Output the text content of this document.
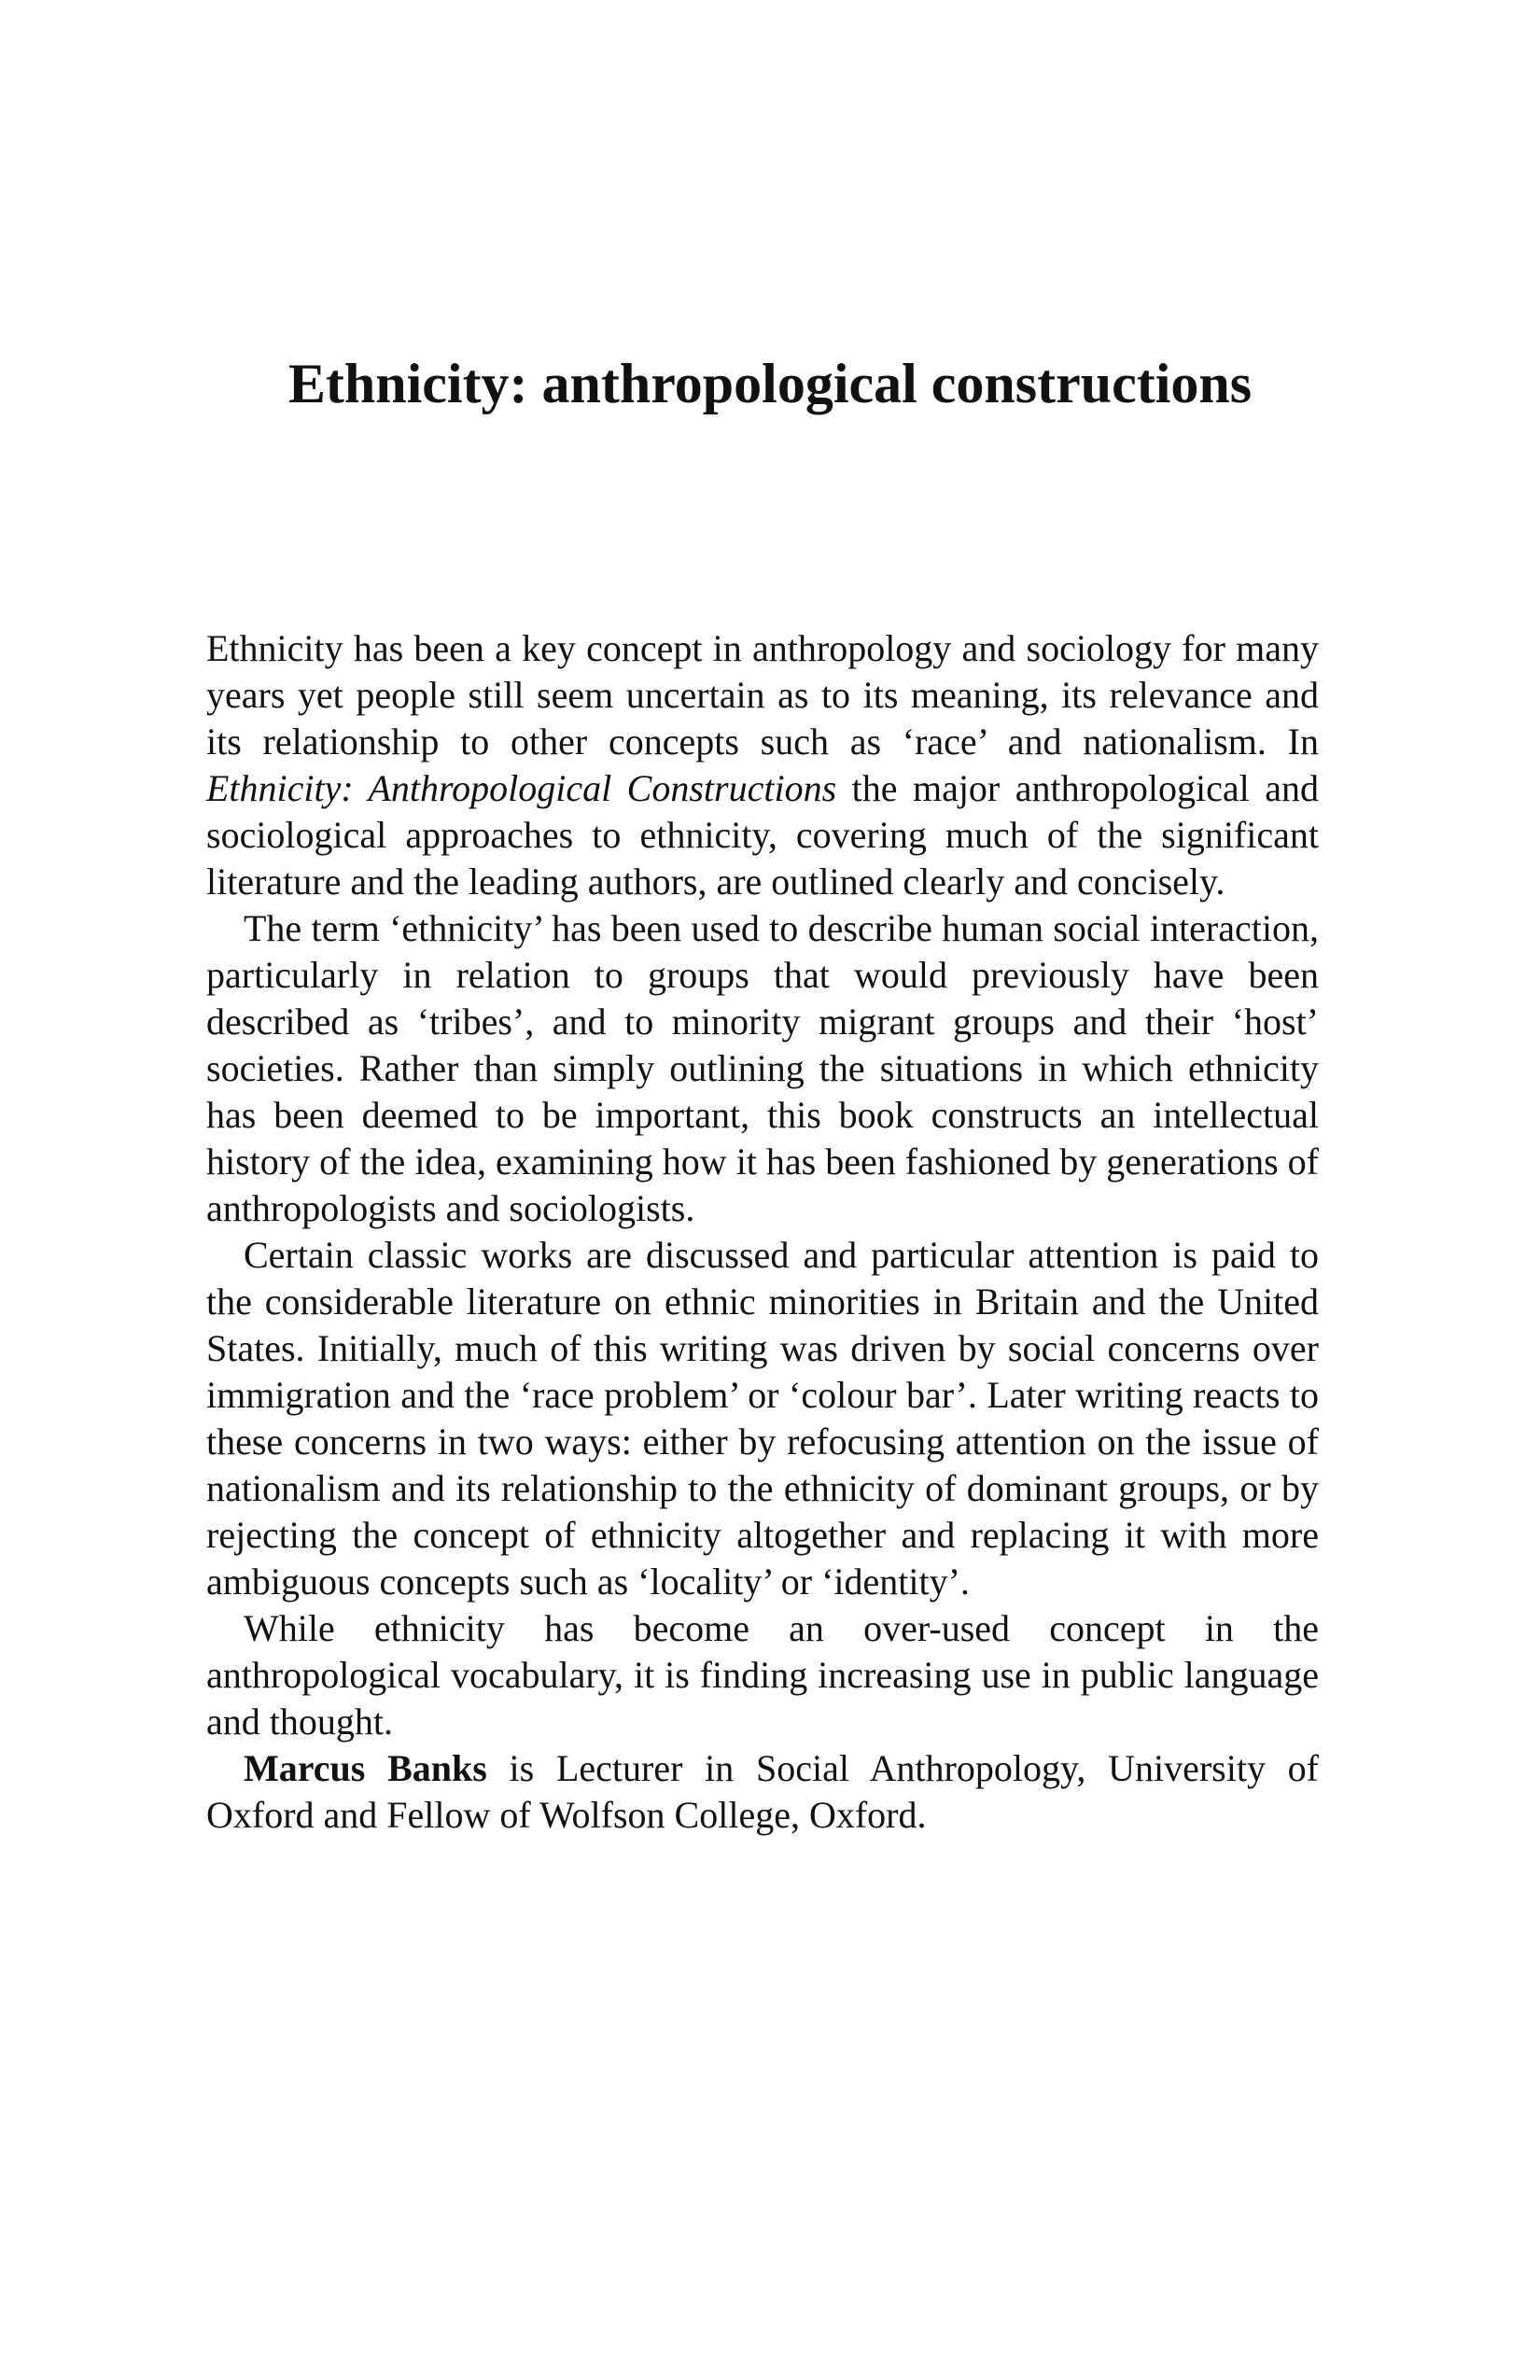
Ethnicity: anthropological constructions

Ethnicity has been a key concept in anthropology and sociology for many years yet people still seem uncertain as to its meaning, its relevance and its relationship to other concepts such as ‘race’ and nationalism. In Ethnicity: Anthropological Constructions the major anthropological and sociological approaches to ethnicity, covering much of the significant literature and the leading authors, are outlined clearly and concisely.

The term ‘ethnicity’ has been used to describe human social interaction, particularly in relation to groups that would previously have been described as ‘tribes’, and to minority migrant groups and their ‘host’ societies. Rather than simply outlining the situations in which ethnicity has been deemed to be important, this book constructs an intellectual history of the idea, examining how it has been fashioned by generations of anthropologists and sociologists.

Certain classic works are discussed and particular attention is paid to the considerable literature on ethnic minorities in Britain and the United States. Initially, much of this writing was driven by social concerns over immigration and the ‘race problem’ or ‘colour bar’. Later writing reacts to these concerns in two ways: either by refocusing attention on the issue of nationalism and its relationship to the ethnicity of dominant groups, or by rejecting the concept of ethnicity altogether and replacing it with more ambiguous concepts such as ‘locality’ or ‘identity’.

While ethnicity has become an over-used concept in the anthropological vocabulary, it is finding increasing use in public language and thought.

Marcus Banks is Lecturer in Social Anthropology, University of Oxford and Fellow of Wolfson College, Oxford.
